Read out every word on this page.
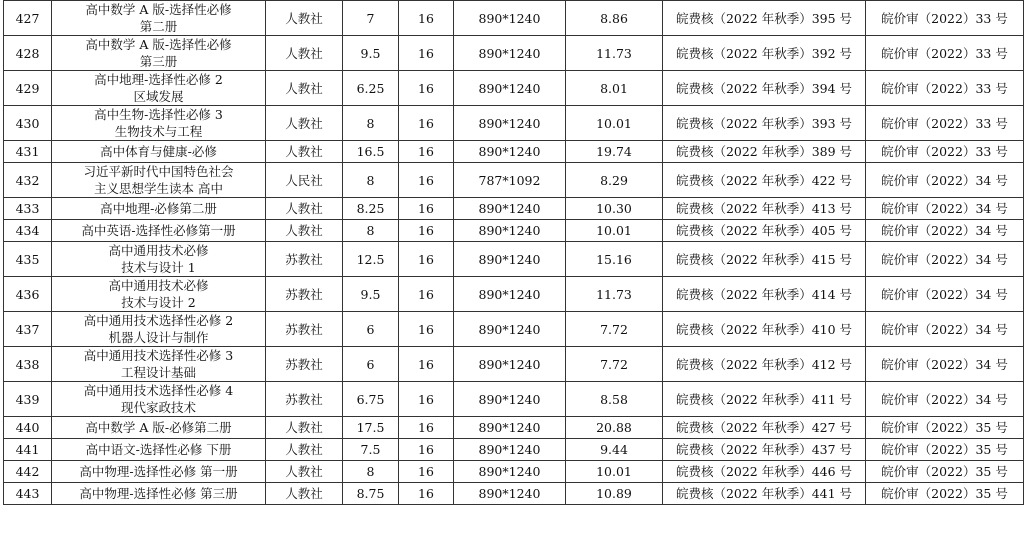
427	高中数学 A 版-选择性必修
第二册	人教社	7	16	890*1240	8.86	皖费核（2022 年秋季）395 号	皖价审（2022）33 号
428	高中数学 A 版-选择性必修
第三册	人教社	9.5	16	890*1240	11.73	皖费核（2022 年秋季）392 号	皖价审（2022）33 号
429	高中地理-选择性必修 2
区域发展	人教社	6.25	16	890*1240	8.01	皖费核（2022 年秋季）394 号	皖价审（2022）33 号
430	高中生物-选择性必修 3
生物技术与工程	人教社	8	16	890*1240	10.01	皖费核（2022 年秋季）393 号	皖价审（2022）33 号
431	高中体育与健康-必修	人教社	16.5	16	890*1240	19.74	皖费核（2022 年秋季）389 号	皖价审（2022）33 号
432	习近平新时代中国特色社会
主义思想学生读本 高中	人民社	8	16	787*1092	8.29	皖费核（2022 年秋季）422 号	皖价审（2022）34 号
433	高中地理-必修第二册	人教社	8.25	16	890*1240	10.30	皖费核（2022 年秋季）413 号	皖价审（2022）34 号
434	高中英语-选择性必修第一册	人教社	8	16	890*1240	10.01	皖费核（2022 年秋季）405 号	皖价审（2022）34 号
435	高中通用技术必修
技术与设计 1	苏教社	12.5	16	890*1240	15.16	皖费核（2022 年秋季）415 号	皖价审（2022）34 号
436	高中通用技术必修
技术与设计 2	苏教社	9.5	16	890*1240	11.73	皖费核（2022 年秋季）414 号	皖价审（2022）34 号
437	高中通用技术选择性必修 2
机器人设计与制作	苏教社	6	16	890*1240	7.72	皖费核（2022 年秋季）410 号	皖价审（2022）34 号
438	高中通用技术选择性必修 3
工程设计基础	苏教社	6	16	890*1240	7.72	皖费核（2022 年秋季）412 号	皖价审（2022）34 号
439	高中通用技术选择性必修 4
现代家政技术	苏教社	6.75	16	890*1240	8.58	皖费核（2022 年秋季）411 号	皖价审（2022）34 号
440	高中数学 A 版-必修第二册	人教社	17.5	16	890*1240	20.88	皖费核（2022 年秋季）427 号	皖价审（2022）35 号
441	高中语文-选择性必修 下册	人教社	7.5	16	890*1240	9.44	皖费核（2022 年秋季）437 号	皖价审（2022）35 号
442	高中物理-选择性必修 第一册	人教社	8	16	890*1240	10.01	皖费核（2022 年秋季）446 号	皖价审（2022）35 号
443	高中物理-选择性必修 第三册	人教社	8.75	16	890*1240	10.89	皖费核（2022 年秋季）441 号	皖价审（2022）35 号
